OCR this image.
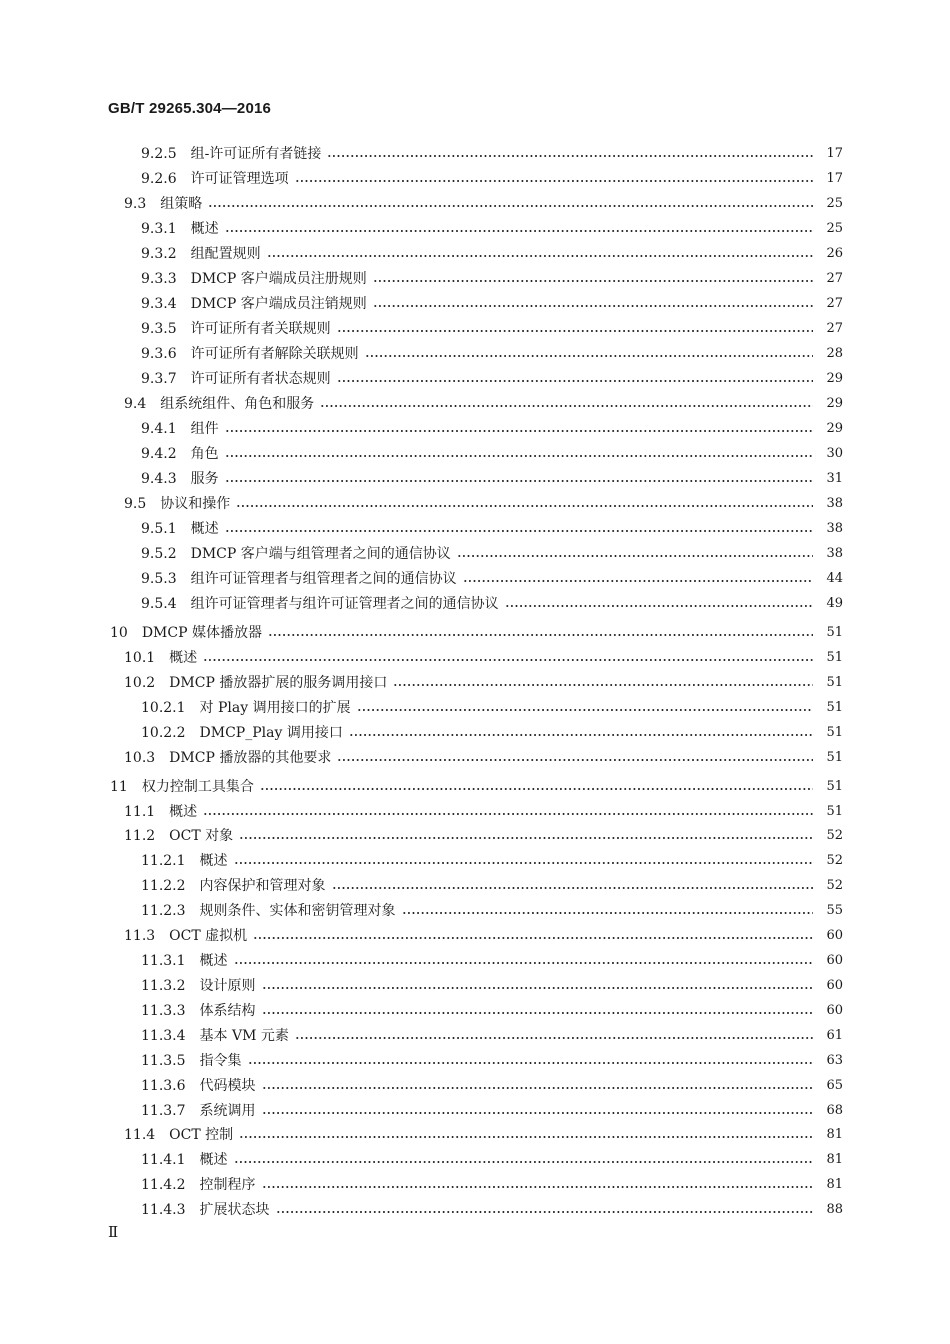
GB/T 29265.304—2016
9.2.5 组-许可证所有者链接	17
9.2.6 许可证管理选项	17
9.3 组策略	25
9.3.1 概述	25
9.3.2 组配置规则	26
9.3.3 DMCP 客户端成员注册规则	27
9.3.4 DMCP 客户端成员注销规则	27
9.3.5 许可证所有者关联规则	27
9.3.6 许可证所有者解除关联规则	28
9.3.7 许可证所有者状态规则	29
9.4 组系统组件、角色和服务	29
9.4.1 组件	29
9.4.2 角色	30
9.4.3 服务	31
9.5 协议和操作	38
9.5.1 概述	38
9.5.2 DMCP 客户端与组管理者之间的通信协议	38
9.5.3 组许可证管理者与组管理者之间的通信协议	44
9.5.4 组许可证管理者与组许可证管理者之间的通信协议	49
10 DMCP 媒体播放器	51
10.1 概述	51
10.2 DMCP 播放器扩展的服务调用接口	51
10.2.1 对 Play 调用接口的扩展	51
10.2.2 DMCP_Play 调用接口	51
10.3 DMCP 播放器的其他要求	51
11 权力控制工具集合	51
11.1 概述	51
11.2 OCT 对象	52
11.2.1 概述	52
11.2.2 内容保护和管理对象	52
11.2.3 规则条件、实体和密钥管理对象	55
11.3 OCT 虚拟机	60
11.3.1 概述	60
11.3.2 设计原则	60
11.3.3 体系结构	60
11.3.4 基本 VM 元素	61
11.3.5 指令集	63
11.3.6 代码模块	65
11.3.7 系统调用	68
11.4 OCT 控制	81
11.4.1 概述	81
11.4.2 控制程序	81
11.4.3 扩展状态块	88
Ⅱ
